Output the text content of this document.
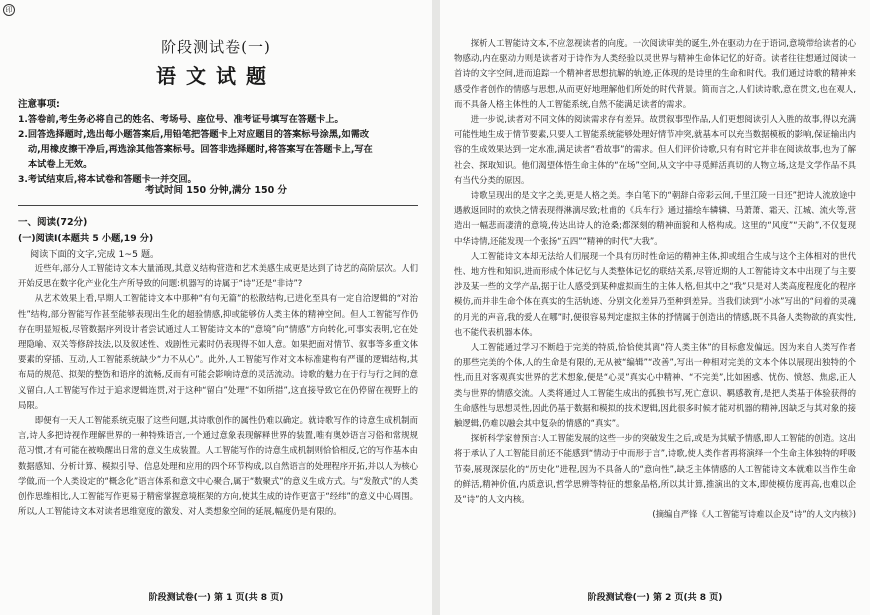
印
阶段测试卷(一)
语文试题
注意事项:
1.答卷前,考生务必将自己的姓名、考场号、座位号、准考证号填写在答题卡上。
2.回答选择题时,选出每小题答案后,用铅笔把答题卡上对应题目的答案标号涂黑,如需改
动,用橡皮擦干净后,再选涂其他答案标号。回答非选择题时,将答案写在答题卡上,写在
本试卷上无效。
3.考试结束后,将本试卷和答题卡一并交回。
考试时间 150 分钟,满分 150 分
一、阅读(72分)
(一)阅读Ⅰ(本题共 5 小题,19 分)
阅读下面的文字,完成 1~5 题。

近些年,部分人工智能诗文本大量涌现,其意义结构营造和艺术美感生成更是达到了诗艺的高阶层次。人们开始反思在数字化产业化生产所导致的问题:机器写的诗属于“诗”还是“非诗”?

从艺术效果上看,早期人工智能诗文本中那种“有句无篇”的松散结构,已进化至具有一定自洽逻辑的“对治性”结构,部分智能写作甚至能够表现出生化的超验情感,抑或能够仿人类主体的精神空间。但人工智能写作仍存在明显短板,尽管数据序列设计者尝试通过人工智能诗文本的“意境”向“情感”方向转化,可事实表明,它在处理隐喻、双关等修辞技法,以及叙述性、戏剧性元素时仍表现得不如人意。如果把面对情节、叙事等多重文体要素的穿插、互动,人工智能系统缺少“力不从心”。此外,人工智能写作对文本标准建构有严谨的逻辑结构,其布局的规范、拟架的整饬和语序的流畅,反而有可能会影响诗意的灵活流动。诗歌的魅力在于行与行之间的意义留白,人工智能写作过于追求逻辑连贯,对于这种“留白”处理“不如所措”,这直接导致它在仍停留在视野上的局限。

即便有一天人工智能系统克服了这些问题,其诗歌创作的属性仍难以确定。就诗歌写作的诗意生成机制而言,诗人多把诗视作理解世界的一种特殊语言,一个通过意象表现解释世界的装置,唯有奥妙语言习俗和常规规范习惯,才有可能在被唤醒出日常的意义生成装置。人工智能写作的诗意生成机制则恰恰相反,它的写作基本由数据感知、分析计算、模拟引导、信息处理和应用的四个环节构成,以自然语言的处理程序开拓,并以人为核心学做,而一个人类设定的“概念化”语言体系和意文中心聚合,属于“数聚式”的意义生成方式。与“发散式”的人类创作思维相比,人工智能写作更易于精密掌握意境框架的方向,使其生成的诗作更富于“经纬”的意义中心周围。所以,人工智能诗文本对读者思维宽度的激发、对人类想象空间的延展,幅度仍是有限的。

阶段测试卷(一) 第 1 页(共 8 页)

探析人工智能诗文本,不应忽视读者的向度。一次阅读审美的诞生,外在驱动力在于语词,意境带给读者的心物感动,内在驱动力则是读者对于诗作为人类经验以灵世界与精神生命体记忆的好奇。读者往往想通过阅读一首诗的文字空间,进而追踪一个精神者思想抗解的轨迹,正体现的是诗里的生命和时代。我们通过诗歌的精神来感受作者创作的情感与思想,从而更好地理解他们所处的时代背景。简而言之,人们读诗歌,意在贯文,也在观人,而不具备人格主体性的人工智能系统,自然不能满足读者的需求。

进一步说,读者对不同文体的阅读需求存有差异。故贯叙事型作品,人们更想阅读引人入胜的故事,得以充满可能性地生成于情节要素,只要人工智能系统能够处理好情节冲突,就基本可以充当数据模板的影响,保证输出内容的生成效果达到一定水准,满足读者“看故事”的需求。但人们评价诗歌,只有有时它并非在阅读故事,也为了解社会、探取知识。他们渴望体悟生命主体的“在场”空间,从文字中寻觅鲜活真切的人物立场,这是文学作品不具有当代分类的原因。

诗歌呈现出的是文字之美,更是人格之美。李白笔下的“朝辞白帝彩云间,千里江陵一日还”把诗人流放途中遇赦返回时的欢快之情表现得淋漓尽致;杜甫的《兵车行》通过描绘车辚辚、马萧萧、霜天、江城、流火等,营造出一幅悲而凄清的意境,传达出诗人的沧桑;都深刻的精神面貌和人格构成。这里的“风度”“天韵”,不仅复现中华诗情,还能发现一个张扬“五四”“精神的时代”大我”。

人工智能诗文本却无法给人们展现一个具有历时性命运的精神主体,抑或组合生成与这个主体相对的世代性、地方性和知识,进而形成个体记忆与人类整体记忆的联结关系,尽管近期的人工智能诗文本中出现了与主要涉及某一些的文学产品,据于让人感受到某种虚拟而生的主体人格,但其中之“我”只是对人类高度程度化的程序模仿,而并非生命个体在真实的生活轨迹、分别文化差异乃至种到差异。当我们读到“小冰”写出的“问着的灵魂的月光的声音,我的爱人在哪”时,便很容易判定虚拟主体的抒情属于创造出的情感,既不具备人类物欲的真实性,也不能代表机器本体。

人工智能通过学习不断趋于完美的特质,恰恰使其离“符人类主体”的目标愈发偏远。因为来自人类写作者的那些完美的个体,人的生命是有限的,无从被“编辑”“改善”,写出一种相对完美的文本个体以展现出独特的个性,而且对客观真实世界的艺术想象,便是“心灵”真实心中精神、“不完美”,比如困惑、忧伤、愤怒、焦虑,正人类与世界的情感交流。人类将通过人工智能生成出的孤独书写,死亡意识、羁感教育,是把人类基于体验获得的生命感性与思想灵性,因此仍基于数据和模拟的技术逻辑,因此很多时候才能对机器的精神,因缺乏与其对象的接触逻辑,仍难以融会其中复杂的情感的“真实”。

探析科学家曾预言:人工智能发展的这些一步的突破发生之后,或是为其赋予情感,即人工智能的创造。这出将于承认了人工智能目前还不能感到“情动于中而形于言”,诗歌,使人类作者再将演绎一个生命主体独特的呼吸节奏,展现深层化的“历史化”进程,因为不具备人的“意向性”,缺乏主体情感的人工智能诗文本就难以当作生命的鲜活,精神价值,内质意识,哲学思辨等特征的想象品格,所以其计算,推演出的文本,即使模仿度再高,也难以企及“诗”的人文内核。

(摘编自严锋《人工智能写诗难以企及“诗”的人文内核》)
阶段测试卷(一) 第 2 页(共 8 页)
